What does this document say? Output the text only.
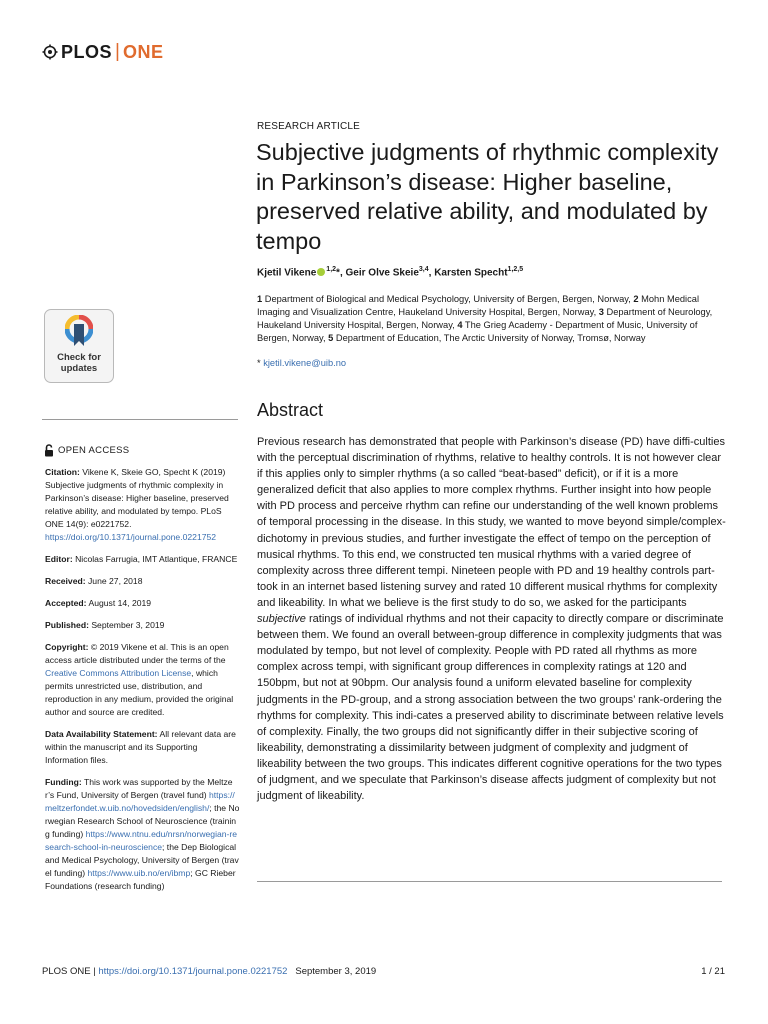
PLOS | ONE
Check for
updates
OPEN ACCESS

Citation: Vikene K, Skeie GO, Specht K (2019) Subjective judgments of rhythmic complexity in Parkinson’s disease: Higher baseline, preserved relative ability, and modulated by tempo. PLoS ONE 14(9): e0221752. https://doi.org/10.1371/journal.pone.0221752

Editor: Nicolas Farrugia, IMT Atlantique, FRANCE

Received: June 27, 2018

Accepted: August 14, 2019

Published: September 3, 2019

Copyright: © 2019 Vikene et al. This is an open access article distributed under the terms of the Creative Commons Attribution License, which permits unrestricted use, distribution, and reproduction in any medium, provided the original author and source are credited.

Data Availability Statement: All relevant data are within the manuscript and its Supporting Information files.

Funding: This work was supported by the Meltzer’s Fund, University of Bergen (travel fund) https://meltzerfondet.w.uib.no/hovedsiden/english/; the Norwegian Research School of Neuroscience (training funding) https://www.ntnu.edu/nrsn/norwegian-research-school-in-neuroscience; the Dep Biological and Medical Psychology, University of Bergen (travel funding) https://www.uib.no/en/ibmp; GC Rieber Foundations (research funding)

RESEARCH ARTICLE
Subjective judgments of rhythmic complexity in Parkinson’s disease: Higher baseline, preserved relative ability, and modulated by tempo
Kjetil Vikene $^{1,2}$*, Geir Olve Skeie$^{3,4}$, Karsten Specht$^{1,2,5}$

1 Department of Biological and Medical Psychology, University of Bergen, Bergen, Norway, 2 Mohn Medical Imaging and Visualization Centre, Haukeland University Hospital, Bergen, Norway, 3 Department of Neurology, Haukeland University Hospital, Bergen, Norway, 4 The Grieg Academy - Department of Music, University of Bergen, Norway, 5 Department of Education, The Arctic University of Norway, Tromsø, Norway

* kjetil.vikene@uib.no
Abstract

Previous research has demonstrated that people with Parkinson’s disease (PD) have diffi-culties with the perceptual discrimination of rhythms, relative to healthy controls. It is not however clear if this applies only to simpler rhythms (a so called “beat-based” deficit), or if it is a more generalized deficit that also applies to more complex rhythms. Further insight into how people with PD process and perceive rhythm can refine our understanding of the well known problems of temporal processing in the disease. In this study, we wanted to move beyond simple/complex-dichotomy in previous studies, and further investigate the effect of tempo on the perception of musical rhythms. To this end, we constructed ten musical rhythms with a varied degree of complexity across three different tempi. Nineteen people with PD and 19 healthy controls part-took in an internet based listening survey and rated 10 different musical rhythms for complexity and likeability. In what we believe is the first study to do so, we asked for the participants subjective ratings of individual rhythms and not their capacity to directly compare or discriminate between them. We found an overall between-group difference in complexity judgments that was modulated by tempo, but not level of complexity. People with PD rated all rhythms as more complex across tempi, with significant group differences in complexity ratings at 120 and 150bpm, but not at 90bpm. Our analysis found a uniform elevated baseline for complexity judgments in the PD-group, and a strong association between the two groups’ rank-ordering the rhythms for complexity. This indi-cates a preserved ability to discriminate between relative levels of complexity. Finally, the two groups did not significantly differ in their subjective scoring of likeability, demonstrating a dissimilarity between judgment of complexity and judgment of likeability between the two groups. This indicates different cognitive operations for the two types of judgment, and we speculate that Parkinson’s disease affects judgment of complexity but not judgment of likeability.

PLOS ONE | https://doi.org/10.1371/journal.pone.0221752 September 3, 2019	1 / 21
